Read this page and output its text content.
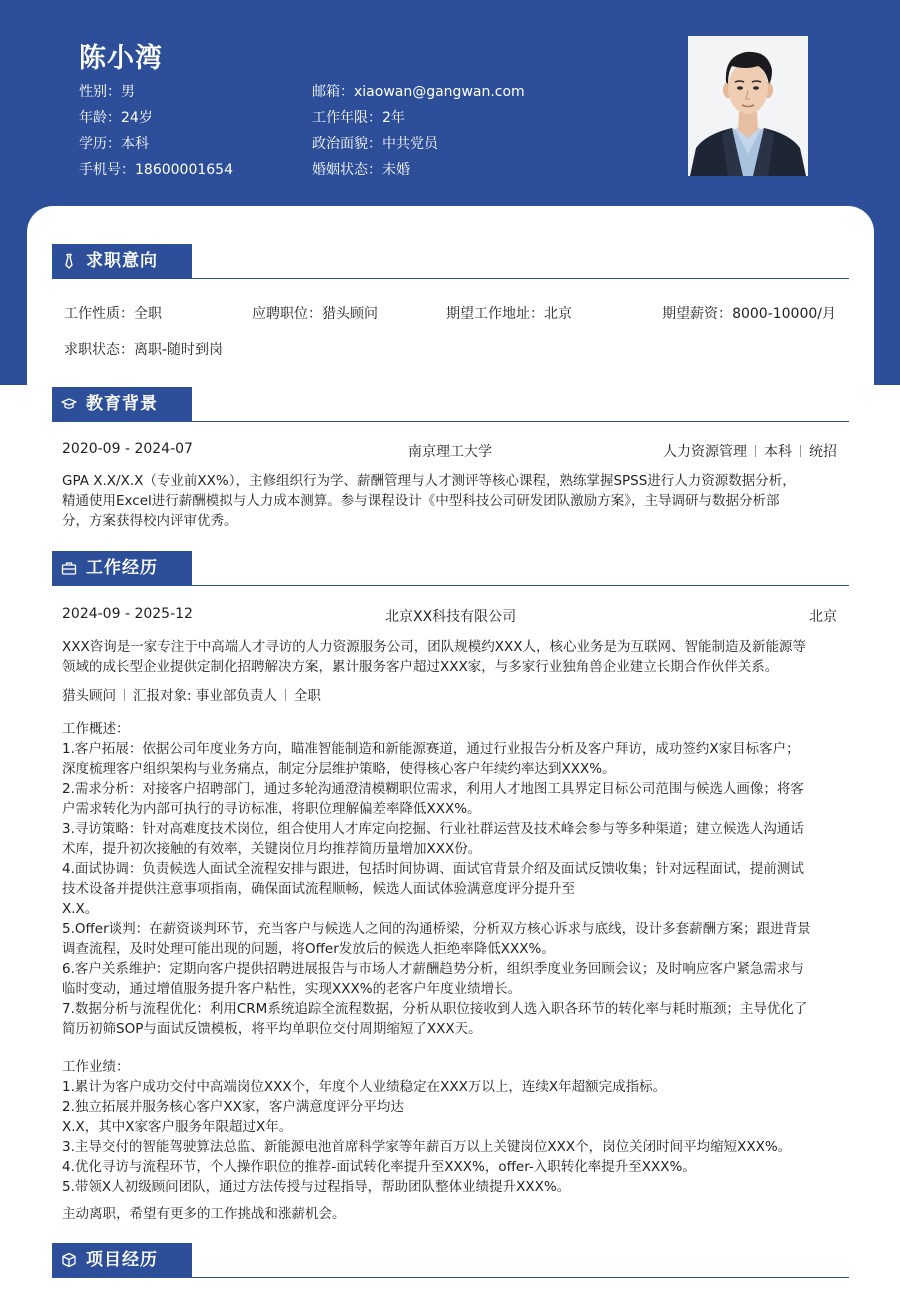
陈小湾
性别：男
年龄：24岁
学历：本科
手机号：18600001654
邮箱：xiaowan@gangwan.com
工作年限：2年
政治面貌：中共党员
婚姻状态：未婚
求职意向
工作性质：全职	应聘职位：猎头顾问	期望工作地址：北京	期望薪资：8000-10000/月
求职状态：离职-随时到岗
教育背景
2020-09 - 2024-07	南京理工大学	人力资源管理 本科 统招

GPA X.X/X.X（专业前XX%），主修组织行为学、薪酬管理与人才测评等核心课程，熟练掌握SPSS进行人力资源数据分析，

精通使用Excel进行薪酬模拟与人力成本测算。参与课程设计《中型科技公司研发团队激励方案》，主导调研与数据分析部

分，方案获得校内评审优秀。

工作经历
2024-09 - 2025-12	北京XX科技有限公司	北京

XXX咨询是一家专注于中高端人才寻访的人力资源服务公司，团队规模约XXX人，核心业务是为互联网、智能制造及新能源等

领域的成长型企业提供定制化招聘解决方案，累计服务客户超过XXX家，与多家行业独角兽企业建立长期合作伙伴关系。

猎头顾问 汇报对象: 事业部负责人 全职

工作概述：

1.客户拓展：依据公司年度业务方向，瞄准智能制造和新能源赛道，通过行业报告分析及客户拜访，成功签约X家目标客户；

深度梳理客户组织架构与业务痛点，制定分层维护策略，使得核心客户年续约率达到XXX%。

2.需求分析：对接客户招聘部门，通过多轮沟通澄清模糊职位需求，利用人才地图工具界定目标公司范围与候选人画像；将客

户需求转化为内部可执行的寻访标准，将职位理解偏差率降低XXX%。

3.寻访策略：针对高难度技术岗位，组合使用人才库定向挖掘、行业社群运营及技术峰会参与等多种渠道；建立候选人沟通话

术库，提升初次接触的有效率，关键岗位月均推荐简历量增加XXX份。

4.面试协调：负责候选人面试全流程安排与跟进，包括时间协调、面试官背景介绍及面试反馈收集；针对远程面试，提前测试

技术设备并提供注意事项指南，确保面试流程顺畅，候选人面试体验满意度评分提升至

X.X。

5.Offer谈判：在薪资谈判环节，充当客户与候选人之间的沟通桥梁，分析双方核心诉求与底线，设计多套薪酬方案；跟进背景

调查流程，及时处理可能出现的问题，将Offer发放后的候选人拒绝率降低XXX%。

6.客户关系维护：定期向客户提供招聘进展报告与市场人才薪酬趋势分析，组织季度业务回顾会议；及时响应客户紧急需求与

临时变动，通过增值服务提升客户粘性，实现XXX%的老客户年度业绩增长。

7.数据分析与流程优化：利用CRM系统追踪全流程数据，分析从职位接收到人选入职各环节的转化率与耗时瓶颈；主导优化了

简历初筛SOP与面试反馈模板，将平均单职位交付周期缩短了XXX天。

工作业绩：

1.累计为客户成功交付中高端岗位XXX个，年度个人业绩稳定在XXX万以上，连续X年超额完成指标。

2.独立拓展并服务核心客户XX家，客户满意度评分平均达

X.X，其中X家客户服务年限超过X年。

3.主导交付的智能驾驶算法总监、新能源电池首席科学家等年薪百万以上关键岗位XXX个，岗位关闭时间平均缩短XXX%。

4.优化寻访与流程环节，个人操作职位的推荐-面试转化率提升至XXX%，offer-入职转化率提升至XXX%。

5.带领X人初级顾问团队，通过方法传授与过程指导，帮助团队整体业绩提升XXX%。

主动离职，希望有更多的工作挑战和涨薪机会。
项目经历
